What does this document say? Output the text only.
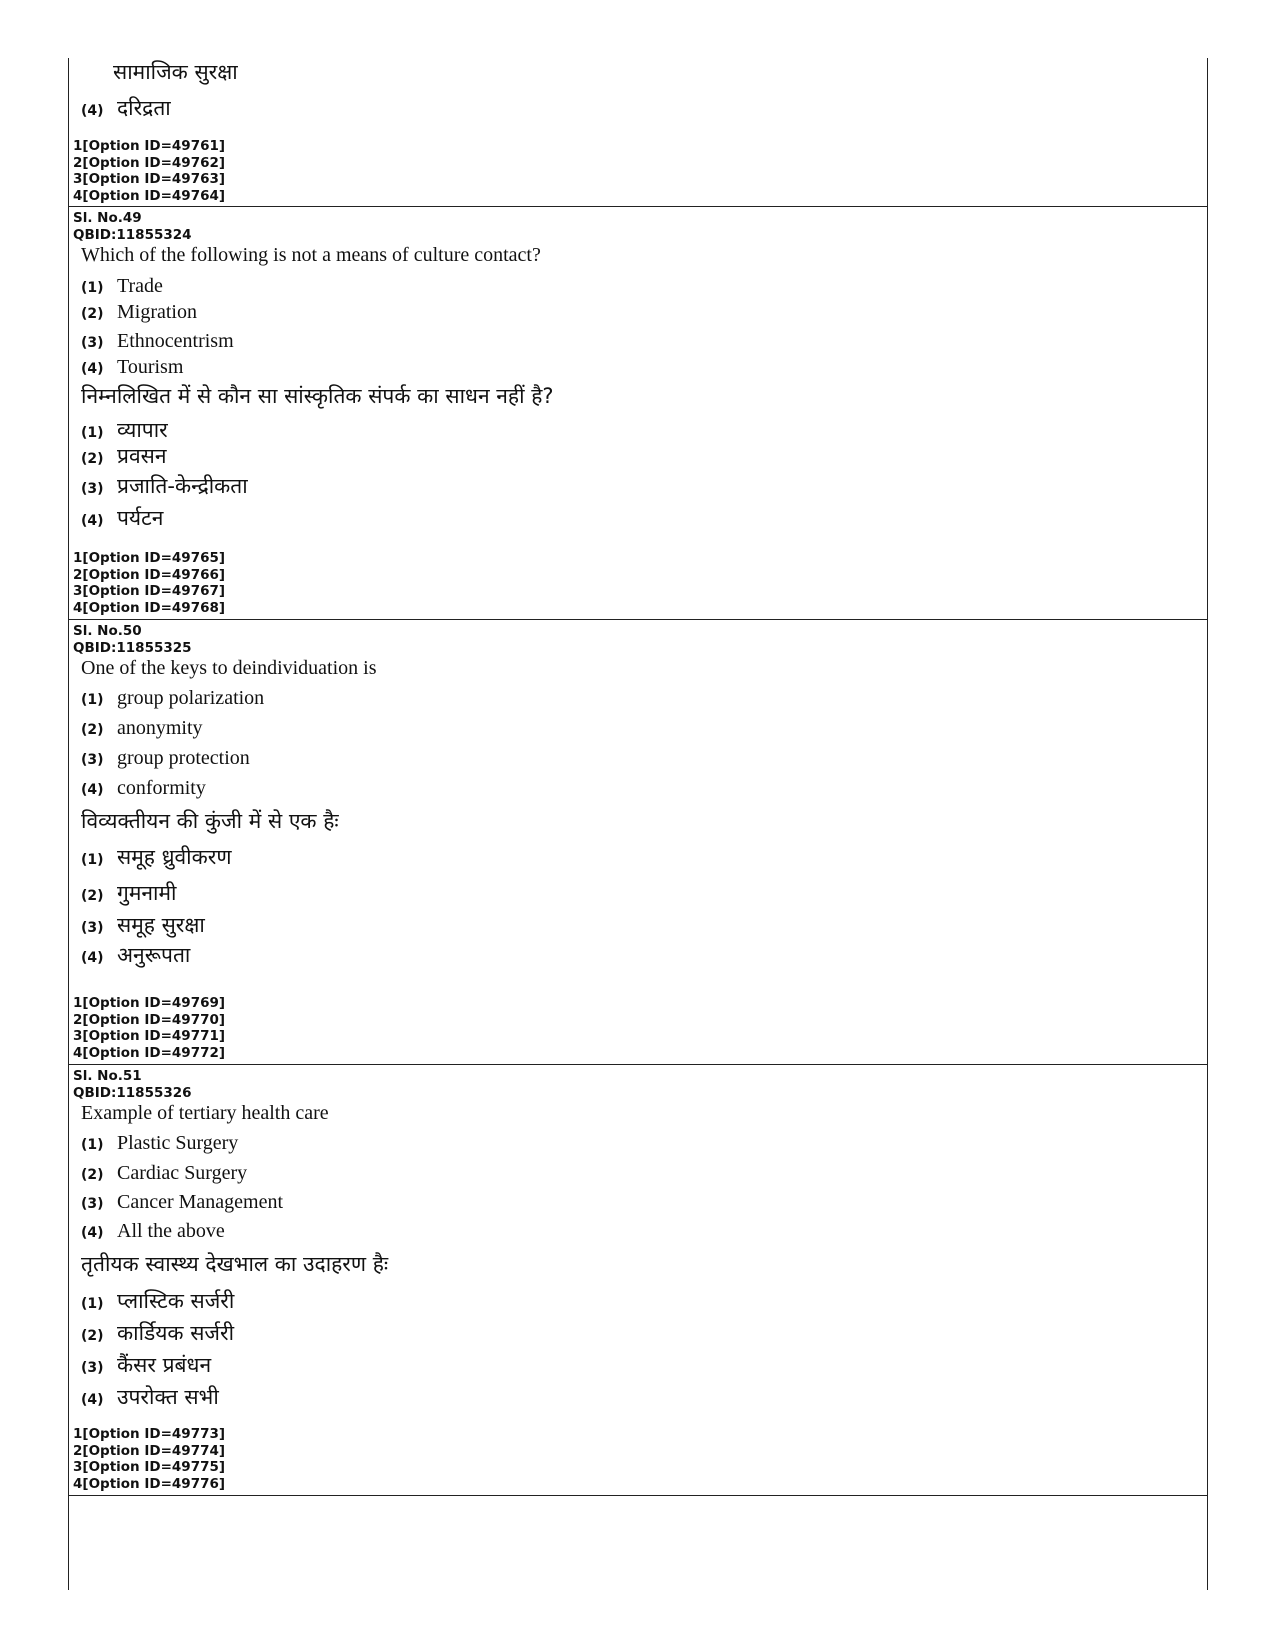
सामाजिक सुरक्षा
(4) दरिद्रता
1[Option ID=49761]
2[Option ID=49762]
3[Option ID=49763]
4[Option ID=49764]
Sl. No.49
QBID:11855324
Which of the following is not a means of culture contact?
(1) Trade
(2) Migration
(3) Ethnocentrism
(4) Tourism
निम्नलिखित में से कौन सा सांस्कृतिक संपर्क का साधन नहीं है?
(1) व्यापार
(2) प्रवसन
(3) प्रजाति-केन्द्रीकता
(4) पर्यटन
1[Option ID=49765]
2[Option ID=49766]
3[Option ID=49767]
4[Option ID=49768]
Sl. No.50
QBID:11855325
One of the keys to deindividuation is
(1) group polarization
(2) anonymity
(3) group protection
(4) conformity
विव्यक्तीयन की कुंजी में से एक हैः
(1) समूह ध्रुवीकरण
(2) गुमनामी
(3) समूह सुरक्षा
(4) अनुरूपता
1[Option ID=49769]
2[Option ID=49770]
3[Option ID=49771]
4[Option ID=49772]
Sl. No.51
QBID:11855326
Example of tertiary health care
(1) Plastic Surgery
(2) Cardiac Surgery
(3) Cancer Management
(4) All the above
तृतीयक स्वास्थ्य देखभाल का उदाहरण हैः
(1) प्लास्टिक सर्जरी
(2) कार्डियक सर्जरी
(3) कैंसर प्रबंधन
(4) उपरोक्त सभी
1[Option ID=49773]
2[Option ID=49774]
3[Option ID=49775]
4[Option ID=49776]
